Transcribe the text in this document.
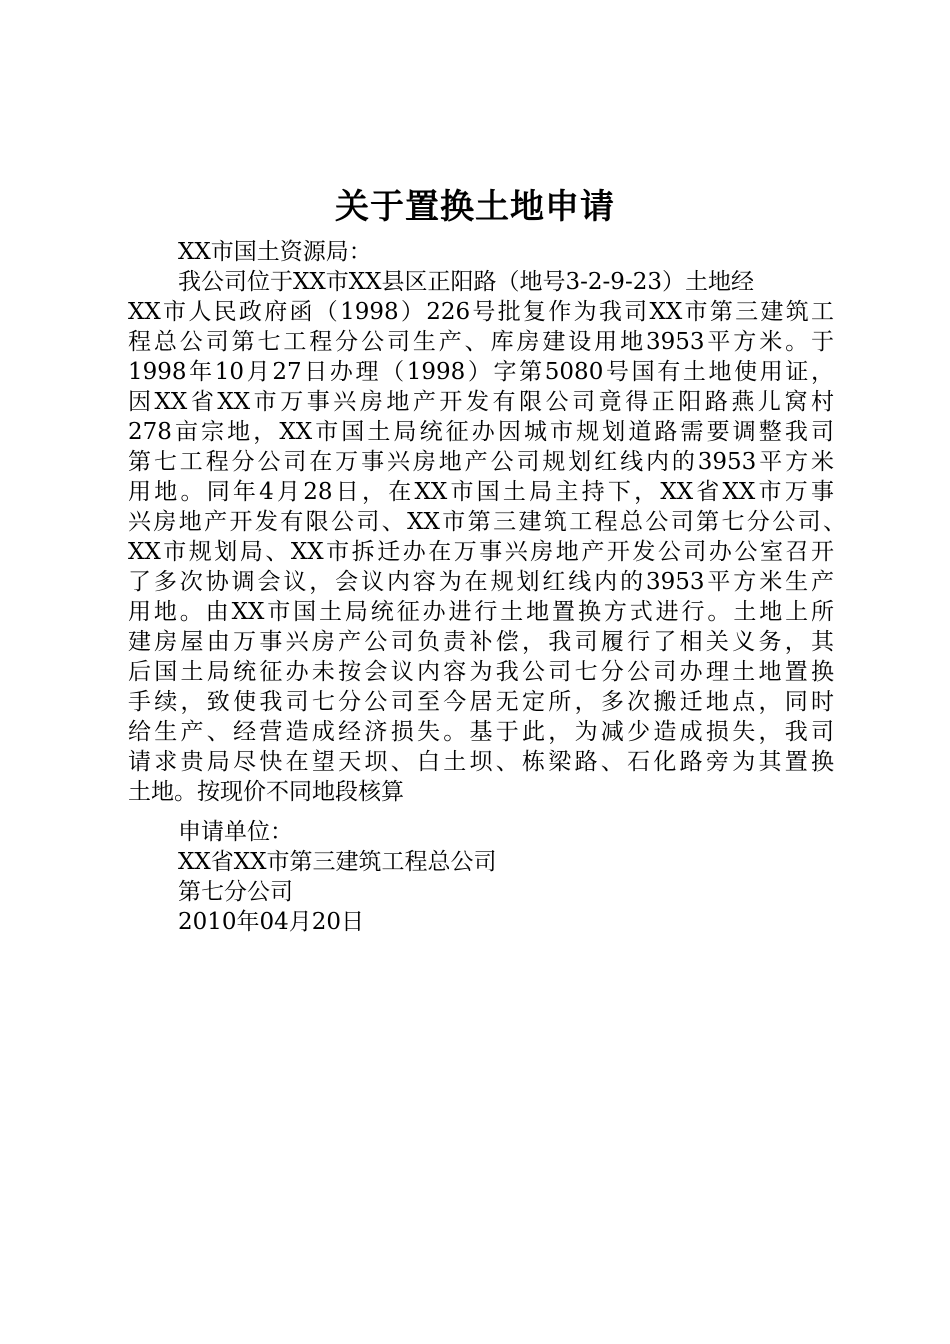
关于置换土地申请
XX市国土资源局：
我公司位于XX市XX县区正阳路（地号3-2-9-23）土地经
XX市人民政府函（1998）226号批复作为我司XX市第三建筑工
程总公司第七工程分公司生产、库房建设用地3953平方米。于
1998年10月27日办理（1998）字第5080号国有土地使用证，
因XX省XX市万事兴房地产开发有限公司竟得正阳路燕儿窝村
278亩宗地，XX市国土局统征办因城市规划道路需要调整我司
第七工程分公司在万事兴房地产公司规划红线内的3953平方米
用地。同年4月28日，在XX市国土局主持下，XX省XX市万事
兴房地产开发有限公司、XX市第三建筑工程总公司第七分公司、
XX市规划局、XX市拆迁办在万事兴房地产开发公司办公室召开
了多次协调会议，会议内容为在规划红线内的3953平方米生产
用地。由XX市国土局统征办进行土地置换方式进行。土地上所
建房屋由万事兴房产公司负责补偿，我司履行了相关义务，其
后国土局统征办未按会议内容为我公司七分公司办理土地置换
手续，致使我司七分公司至今居无定所，多次搬迁地点，同时
给生产、经营造成经济损失。基于此，为减少造成损失，我司
请求贵局尽快在望天坝、白土坝、栋梁路、石化路旁为其置换
土地。按现价不同地段核算
申请单位：
XX省XX市第三建筑工程总公司
第七分公司
2010年04月20日
